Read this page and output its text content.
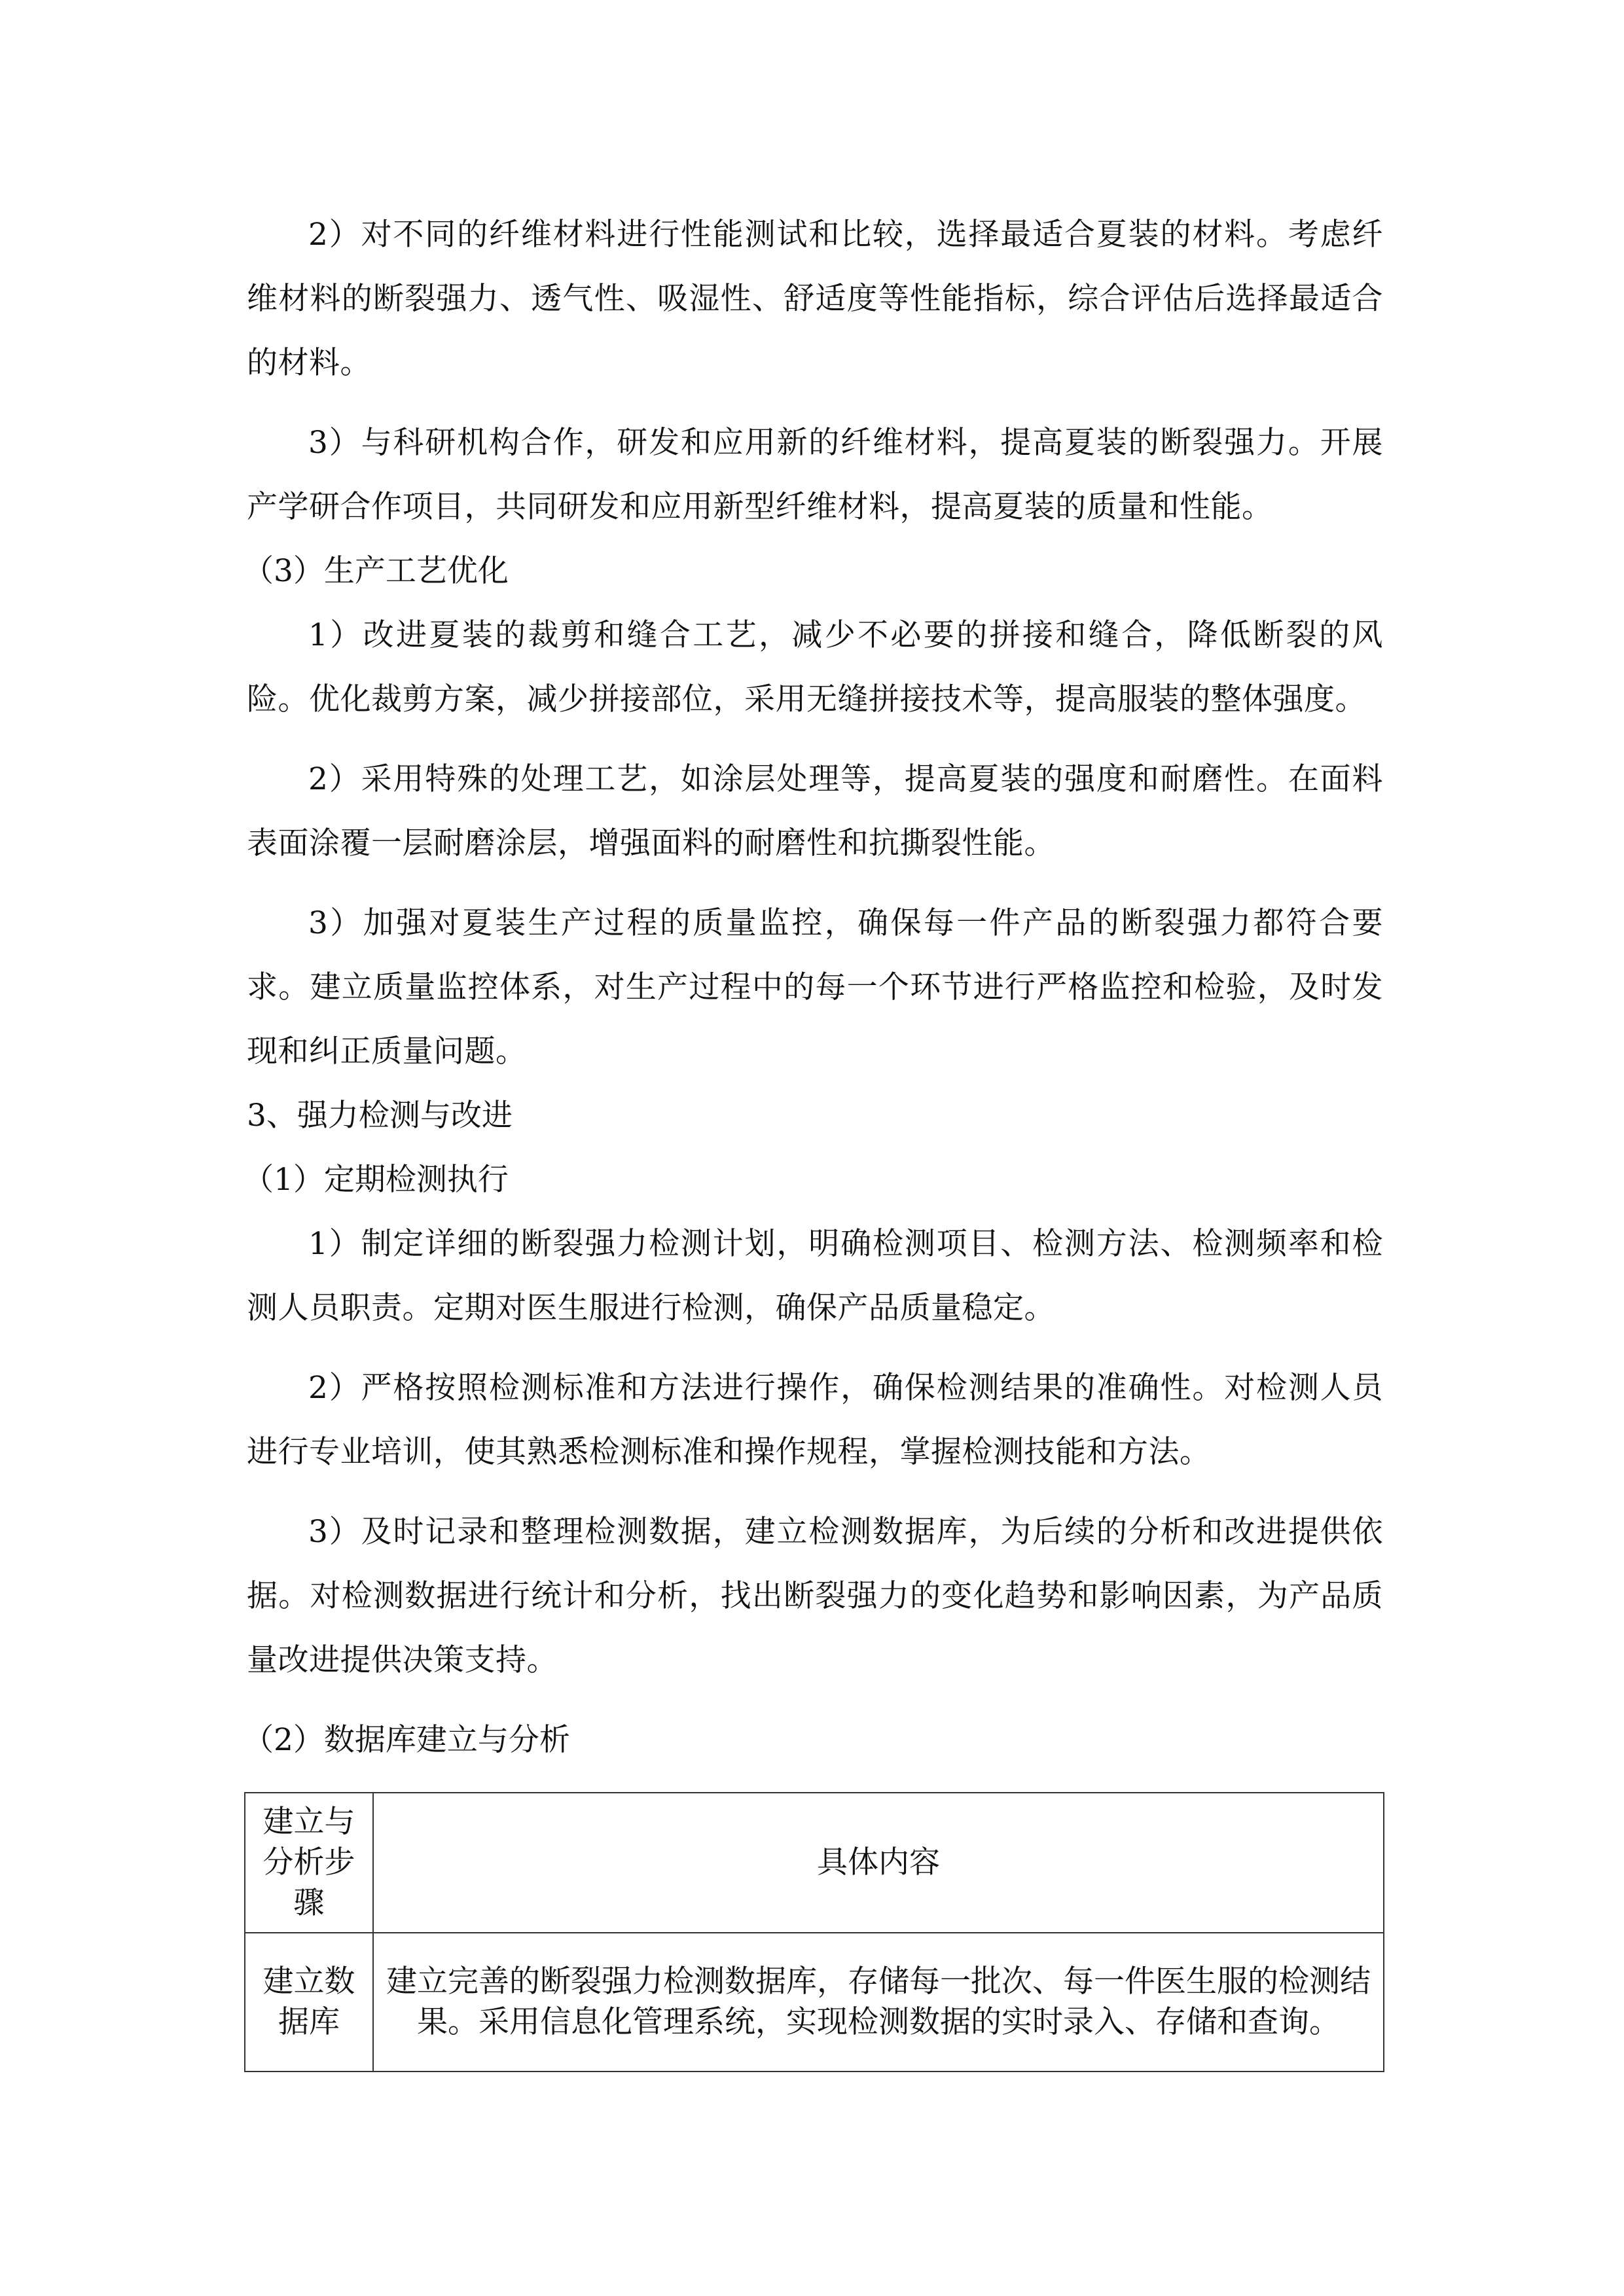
2）对不同的纤维材料进行性能测试和比较，选择最适合夏装的材料。考虑纤维材料的断裂强力、透气性、吸湿性、舒适度等性能指标，综合评估后选择最适合的材料。

3）与科研机构合作，研发和应用新的纤维材料，提高夏装的断裂强力。开展产学研合作项目，共同研发和应用新型纤维材料，提高夏装的质量和性能。

（3）生产工艺优化

1）改进夏装的裁剪和缝合工艺，减少不必要的拼接和缝合，降低断裂的风险。优化裁剪方案，减少拼接部位，采用无缝拼接技术等，提高服装的整体强度。

2）采用特殊的处理工艺，如涂层处理等，提高夏装的强度和耐磨性。在面料表面涂覆一层耐磨涂层，增强面料的耐磨性和抗撕裂性能。

3）加强对夏装生产过程的质量监控，确保每一件产品的断裂强力都符合要求。建立质量监控体系，对生产过程中的每一个环节进行严格监控和检验，及时发现和纠正质量问题。

3、强力检测与改进

（1）定期检测执行

1）制定详细的断裂强力检测计划，明确检测项目、检测方法、检测频率和检测人员职责。定期对医生服进行检测，确保产品质量稳定。

2）严格按照检测标准和方法进行操作，确保检测结果的准确性。对检测人员进行专业培训，使其熟悉检测标准和操作规程，掌握检测技能和方法。

3）及时记录和整理检测数据，建立检测数据库，为后续的分析和改进提供依据。对检测数据进行统计和分析，找出断裂强力的变化趋势和影响因素，为产品质量改进提供决策支持。

（2）数据库建立与分析

建立与分析步骤	具体内容
建立数据库	建立完善的断裂强力检测数据库，存储每一批次、每一件医生服的检测结果。采用信息化管理系统，实现检测数据的实时录入、存储和查询。
